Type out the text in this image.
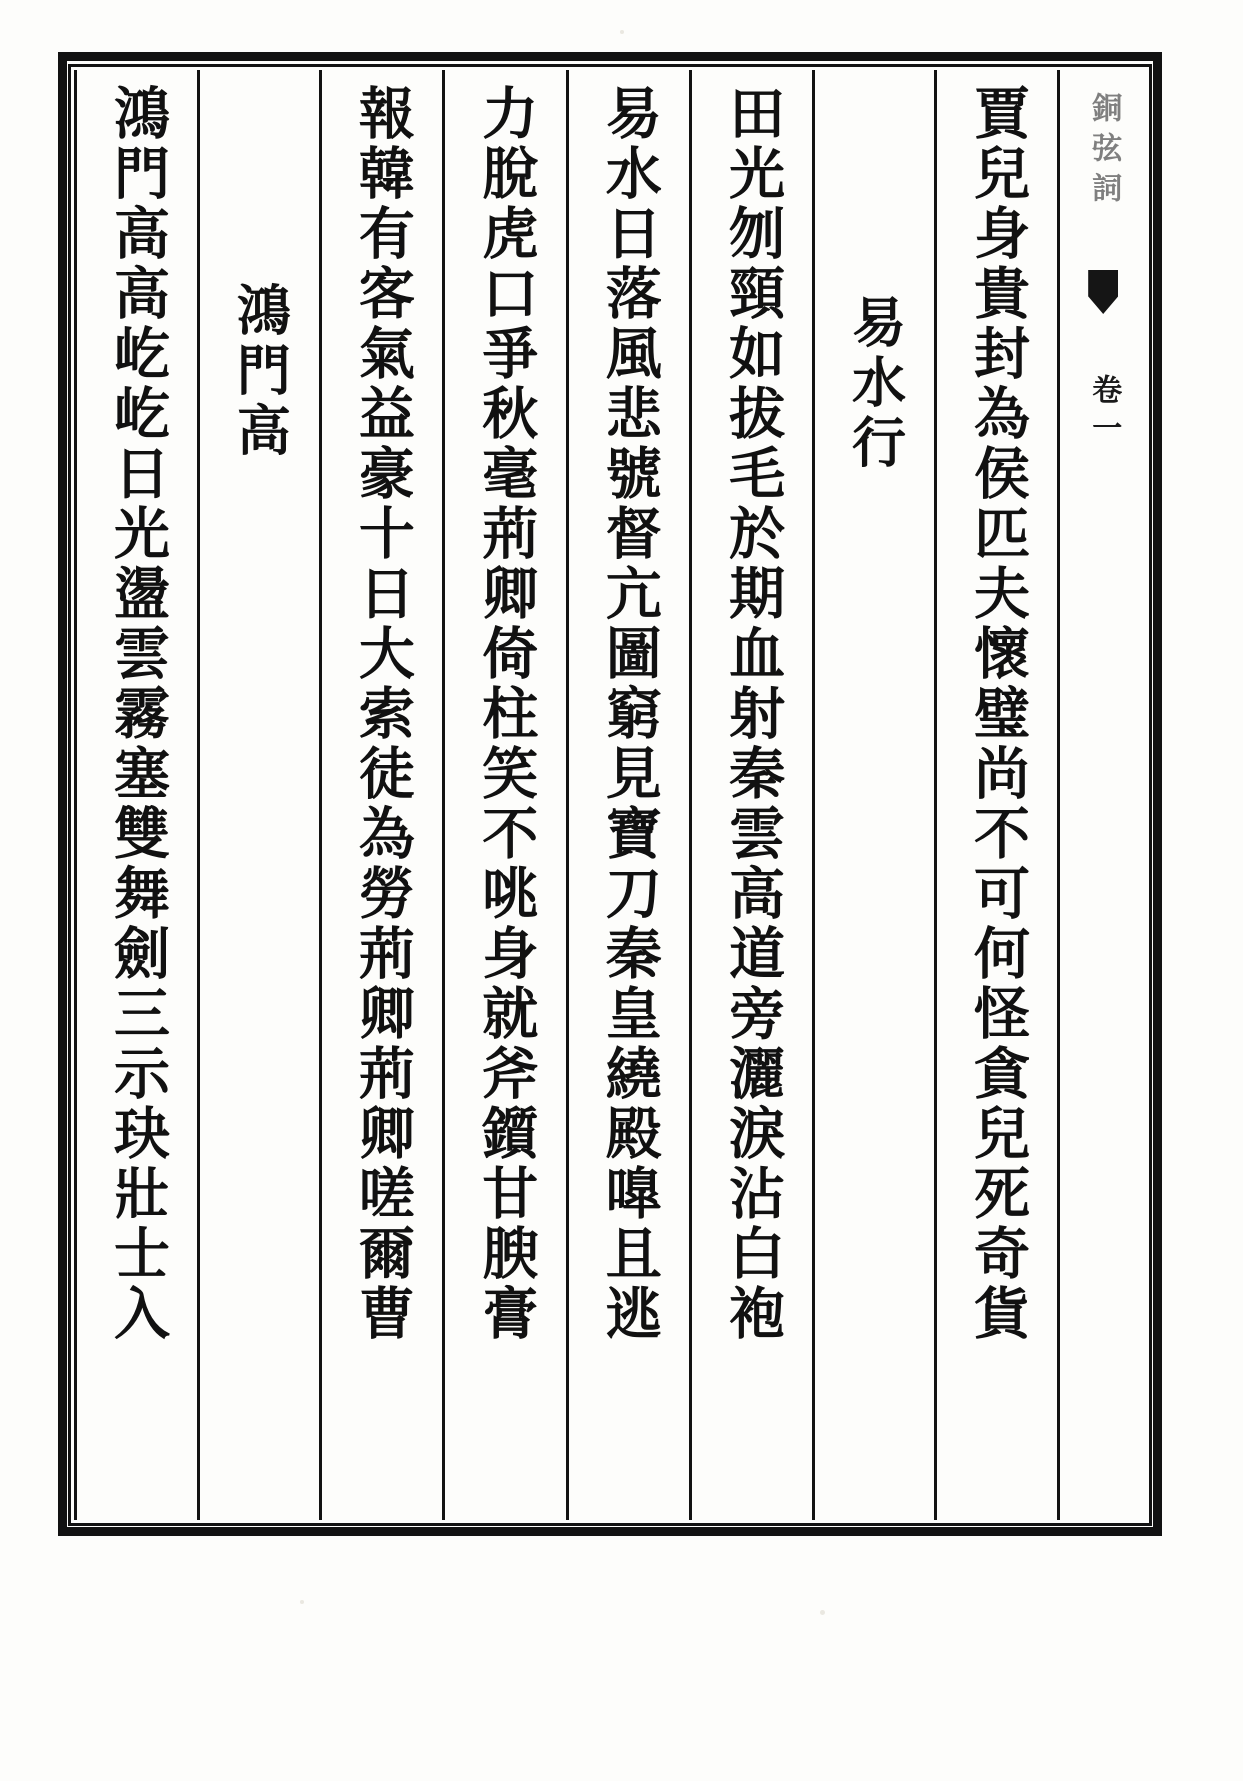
銅弦詞
卷一
賈兒身貴封為侯匹夫懷璧尚不可何怪貪兒死奇貨
易水行
田光刎頸如拔毛於期血射秦雲高道旁灑淚沾白袍
易水日落風悲號督亢圖窮見寶刀秦皇繞殿嘷且逃
力脫虎口爭秋毫荊卿倚柱笑不咷身就斧鑕甘腴膏
報韓有客氣益豪十日大索徒為勞荊卿荊卿嗟爾曹
鴻門高
鴻門高高屹屹日光盪雲霧塞雙舞劍三示玦壯士入
